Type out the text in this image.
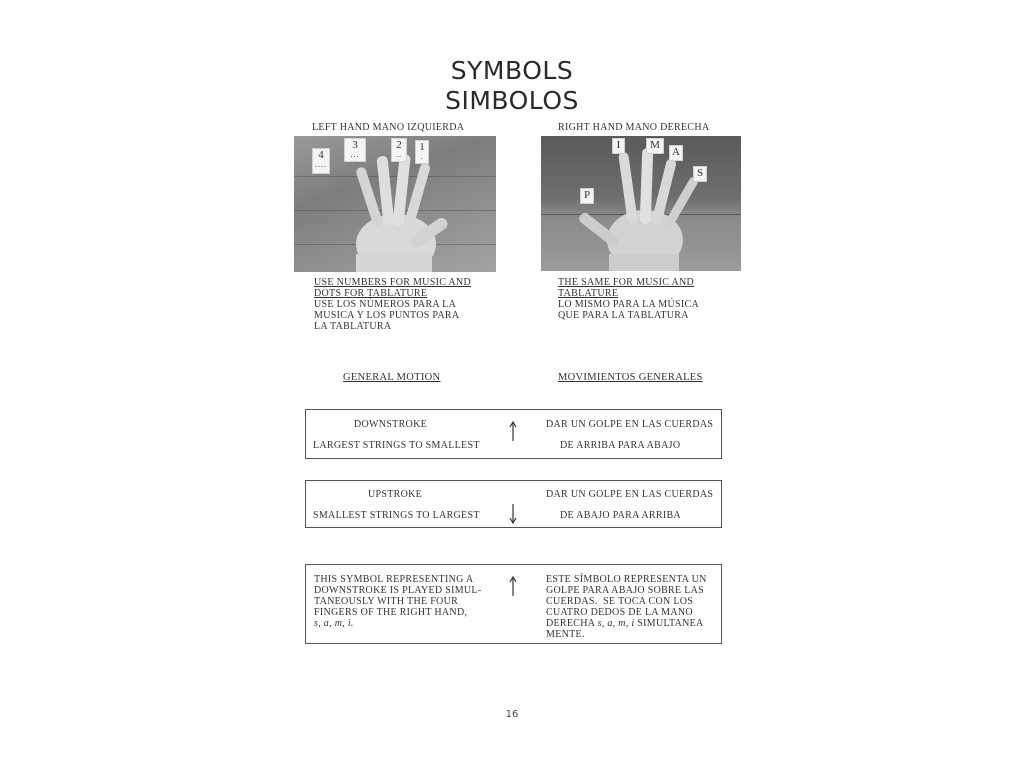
SYMBOLS
SIMBOLOS
LEFT HAND MANO IZQUIERDA
4
....
3
...
2
..
1
.
USE NUMBERS FOR MUSIC AND
DOTS FOR TABLATURE
USE LOS NÚMEROS PARA LA
MUSICA Y LOS PUNTOS PARA
LA TABLATURA
RIGHT HAND MANO DERECHA
I	M
A
S
P
THE SAME FOR MUSIC AND
TABLATURE
LO MISMO PARA LA MÚSICA
QUE PARA LA TABLATURA
GENERAL MOTION	MOVIMIENTOS GENERALES
DOWNSTROKE
LARGEST STRINGS TO SMALLEST
DAR UN GOLPE EN LAS CUERDAS
DE ARRIBA PARA ABAJO
UPSTROKE
SMALLEST STRINGS TO LARGEST
DAR UN GOLPE EN LAS CUERDAS
DE ABAJO PARA ARRIBA
THIS SYMBOL REPRESENTING A
DOWNSTROKE IS PLAYED SIMUL-
TANEOUSLY WITH THE FOUR
FINGERS OF THE RIGHT HAND,
s, a, m, i.
ESTE SÍMBOLO REPRESENTA UN
GOLPE PARA ABAJO SOBRE LAS
CUERDAS.  SE TOCA CON LOS
CUATRO DEDOS DE LA MANO
DERECHA s, a, m, i SIMULTANEA
MENTE.
16
